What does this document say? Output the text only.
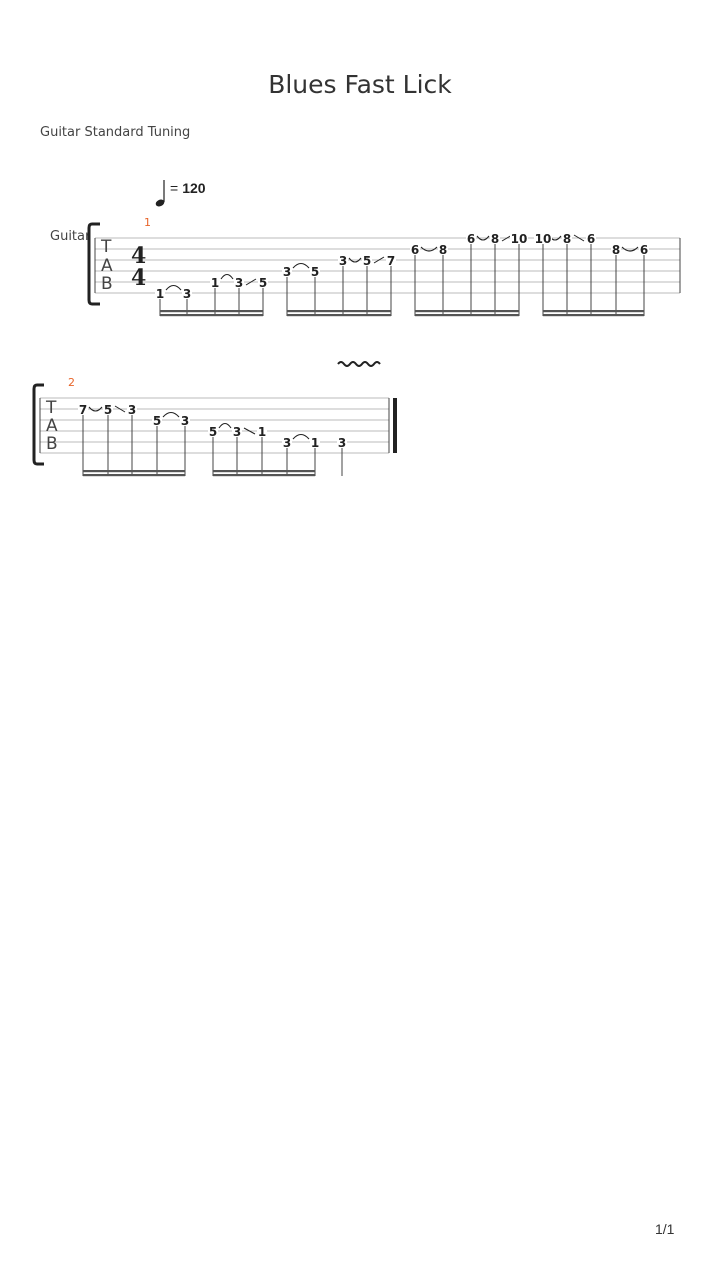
Blues Fast Lick
Guitar Standard Tuning
= 120
Guitar
1/1
T
A
B
4
4
1
T
A
B
2
1 3
1 3 5
3 5
3 5 7
6 8
6 8 10 10 8 6
8 6
7 5 3
5 3
5 3 1
3 1 3
